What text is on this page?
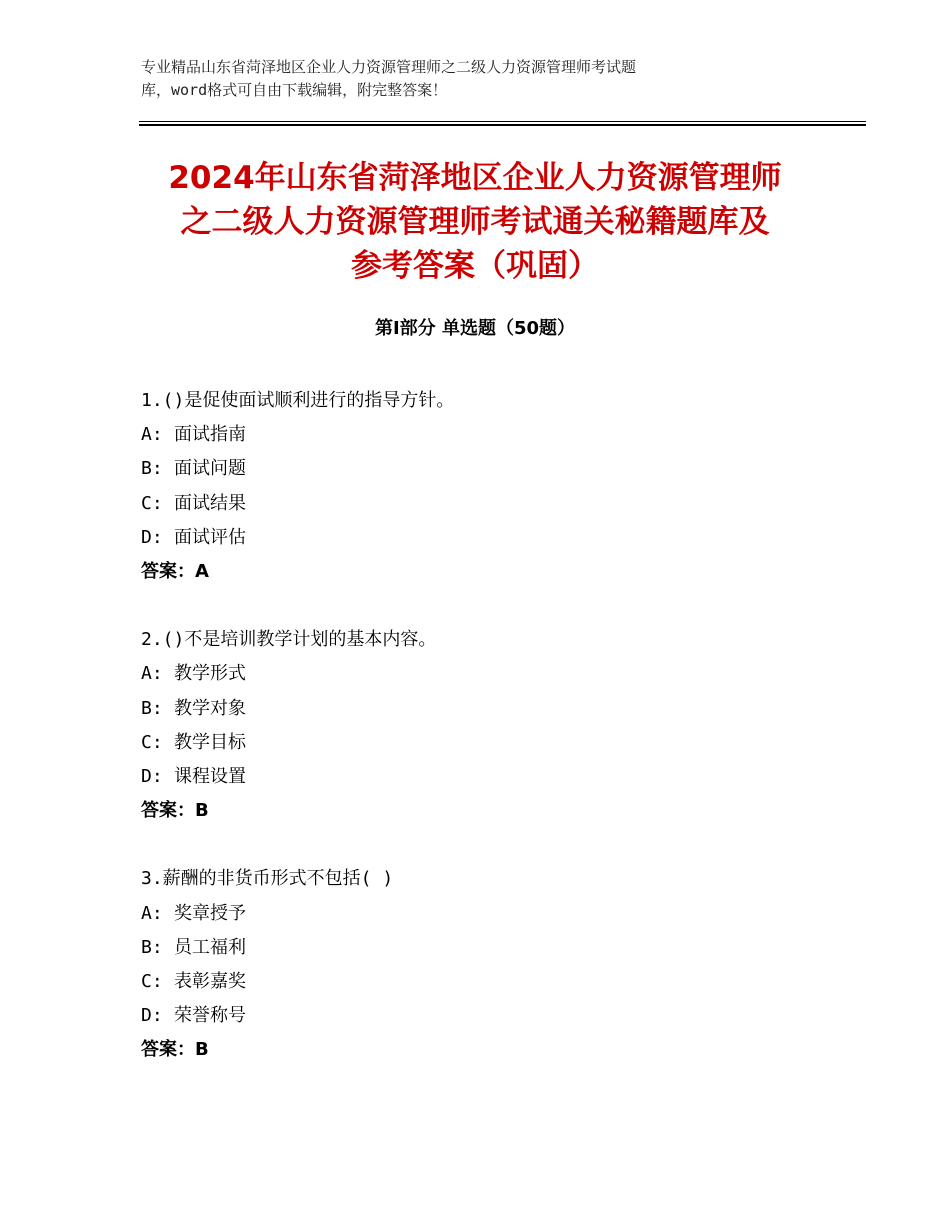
专业精品山东省菏泽地区企业人力资源管理师之二级人力资源管理师考试题
库，word格式可自由下载编辑，附完整答案！
2024年山东省菏泽地区企业人力资源管理师
之二级人力资源管理师考试通关秘籍题库及
参考答案（巩固）
第Ⅰ部分 单选题（50题）
1.()是促使面试顺利进行的指导方针。
A: 面试指南
B: 面试问题
C: 面试结果
D: 面试评估
答案：A
2.()不是培训教学计划的基本内容。
A: 教学形式
B: 教学对象
C: 教学目标
D: 课程设置
答案：B
3.薪酬的非货币形式不包括( )
A: 奖章授予
B: 员工福利
C: 表彰嘉奖
D: 荣誉称号
答案：B
